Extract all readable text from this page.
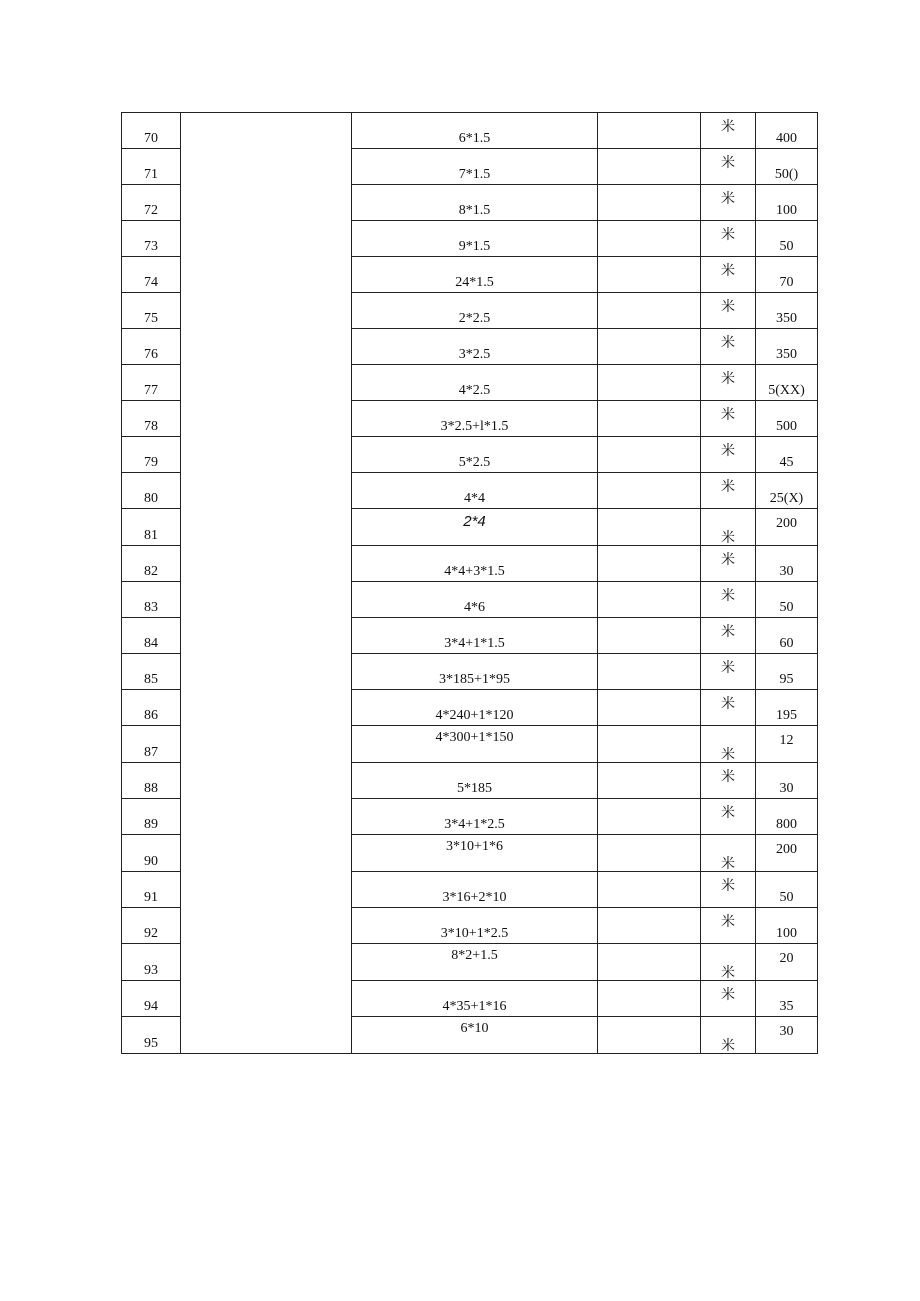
70		6*1.5		米	400
71		7*1.5		米	50()
72		8*1.5		米	100
73		9*1.5		米	50
74		24*1.5		米	70
75		2*2.5		米	350
76		3*2.5		米	350
77		4*2.5		米	5(XX)
78		3*2.5+l*1.5		米	500
79		5*2.5		米	45
80		4*4		米	25(X)
81		2*4		米	200
82		4*4+3*1.5		米	30
83		4*6		米	50
84		3*4+1*1.5		米	60
85		3*185+1*95		米	95
86		4*240+1*120		米	195
87		4*300+1*150		米	12
88		5*185		米	30
89		3*4+1*2.5		米	800
90		3*10+1*6		米	200
91		3*16+2*10		米	50
92		3*10+1*2.5		米	100
93		8*2+1.5		米	20
94		4*35+1*16		米	35
95		6*10		米	30
